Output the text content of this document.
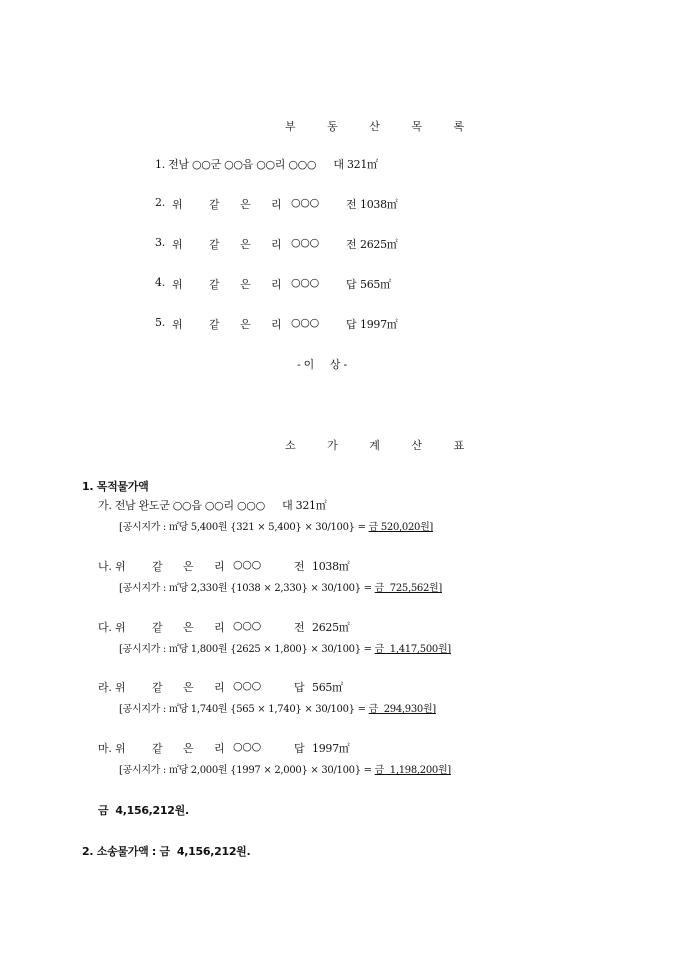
부 동 산 목 록
1. 전남 ○○군 ○○읍 ○○리 ○○○ 대 321㎡
2. 위 같 은 리 ○○○ 전 1038㎡
3. 위 같 은 리 ○○○ 전 2625㎡
4. 위 같 은 리 ○○○ 답 565㎡
5. 위 같 은 리 ○○○ 답 1997㎡
- 이     상 -
소 가 계 산 표
1. 목적물가액
가. 전남 완도군 ○○읍 ○○리 ○○○ 대 321㎡
[공시지가 : ㎡당 5,400원 {321 × 5,400} × 30/100} = 금 520,020원]
나. 위 같 은 리 ○○○	전 1038㎡
[공시지가 : ㎡당 2,330원 {1038 × 2,330} × 30/100} = 금  725,562원]
다. 위 같 은 리 ○○○	전 2625㎡
[공시지가 : ㎡당 1,800원 {2625 × 1,800} × 30/100} = 금  1,417,500원]
라. 위 같 은 리 ○○○	답 565㎡
[공시지가 : ㎡당 1,740원 {565 × 1,740} × 30/100} = 금  294,930원]
마. 위 같 은 리 ○○○	답 1997㎡
[공시지가 : ㎡당 2,000원 {1997 × 2,000} × 30/100} = 금  1,198,200원]
금  4,156,212원.
2. 소송물가액 : 금  4,156,212원.
